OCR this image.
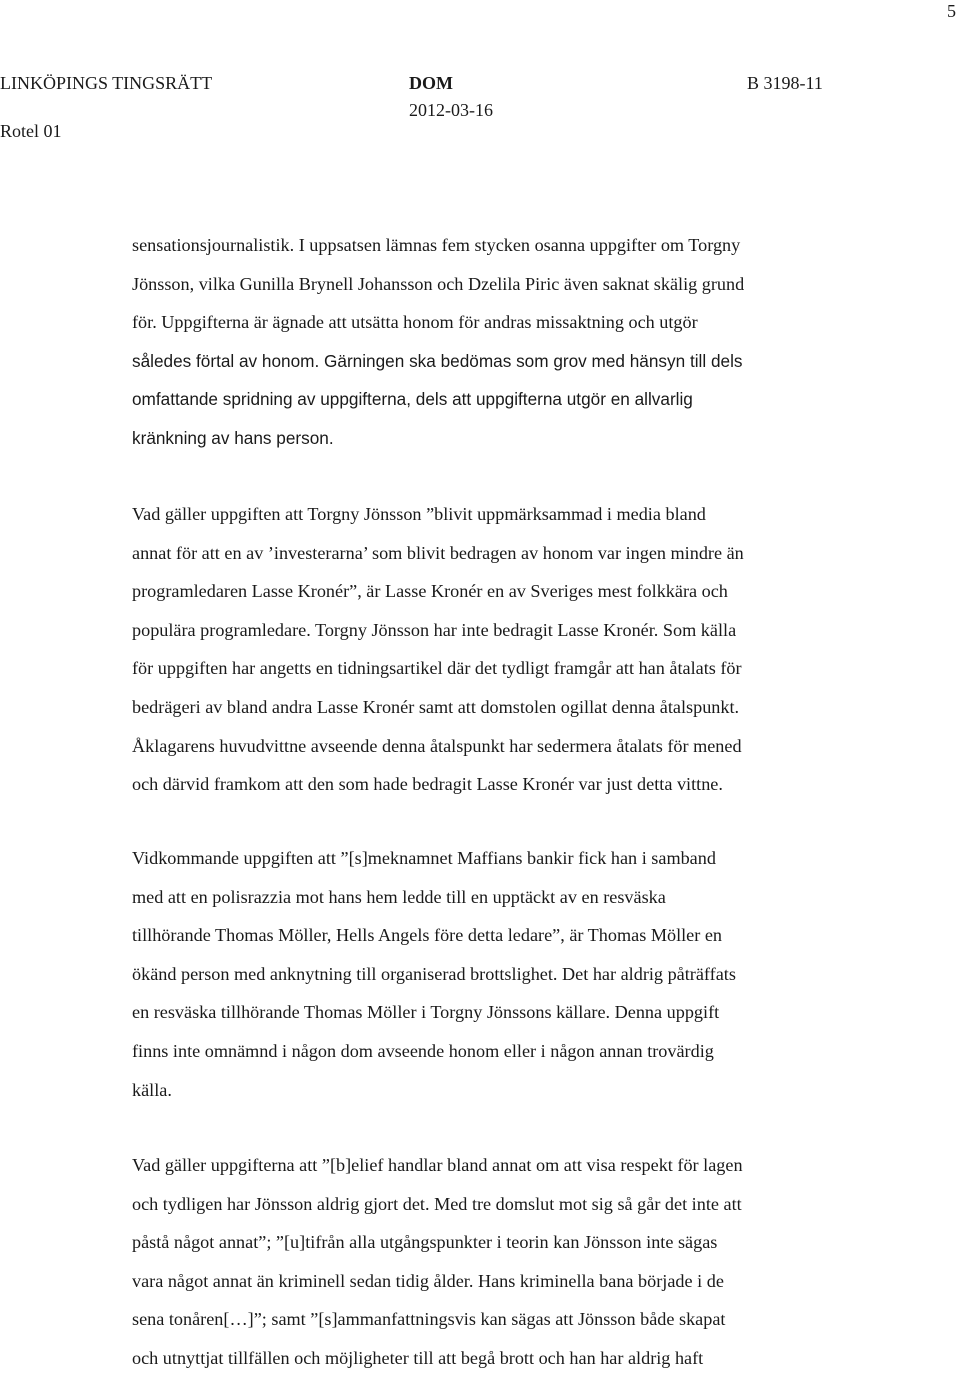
5
LINKÖPINGS TINGSRÄTT
Rotel 01
DOM
2012-03-16
B 3198-11
sensationsjournalistik. I uppsatsen lämnas fem stycken osanna uppgifter om Torgny
Jönsson, vilka Gunilla Brynell Johansson och Dzelila Piric även saknat skälig grund
för. Uppgifterna är ägnade att utsätta honom för andras missaktning och utgör
således förtal av honom. Gärningen ska bedömas som grov med hänsyn till dels
omfattande spridning av uppgifterna, dels att uppgifterna utgör en allvarlig
kränkning av hans person.
Vad gäller uppgiften att Torgny Jönsson ”blivit uppmärksammad i media bland
annat för att en av ’investerarna’ som blivit bedragen av honom var ingen mindre än
programledaren Lasse Kronér”, är Lasse Kronér en av Sveriges mest folkkära och
populära programledare. Torgny Jönsson har inte bedragit Lasse Kronér. Som källa
för uppgiften har angetts en tidningsartikel där det tydligt framgår att han åtalats för
bedrägeri av bland andra Lasse Kronér samt att domstolen ogillat denna åtalspunkt.
Åklagarens huvudvittne avseende denna åtalspunkt har sedermera åtalats för mened
och därvid framkom att den som hade bedragit Lasse Kronér var just detta vittne.
Vidkommande uppgiften att ”[s]meknamnet Maffians bankir fick han i samband
med att en polisrazzia mot hans hem ledde till en upptäckt av en resväska
tillhörande Thomas Möller, Hells Angels före detta ledare”, är Thomas Möller en
ökänd person med anknytning till organiserad brottslighet. Det har aldrig påträffats
en resväska tillhörande Thomas Möller i Torgny Jönssons källare. Denna uppgift
finns inte omnämnd i någon dom avseende honom eller i någon annan trovärdig
källa.
Vad gäller uppgifterna att ”[b]elief handlar bland annat om att visa respekt för lagen
och tydligen har Jönsson aldrig gjort det. Med tre domslut mot sig så går det inte att
påstå något annat”; ”[u]tifrån alla utgångspunkter i teorin kan Jönsson inte sägas
vara något annat än kriminell sedan tidig ålder. Hans kriminella bana började i de
sena tonåren[…]”; samt ”[s]ammanfattningsvis kan sägas att Jönsson både skapat
och utnyttjat tillfällen och möjligheter till att begå brott och han har aldrig haft
